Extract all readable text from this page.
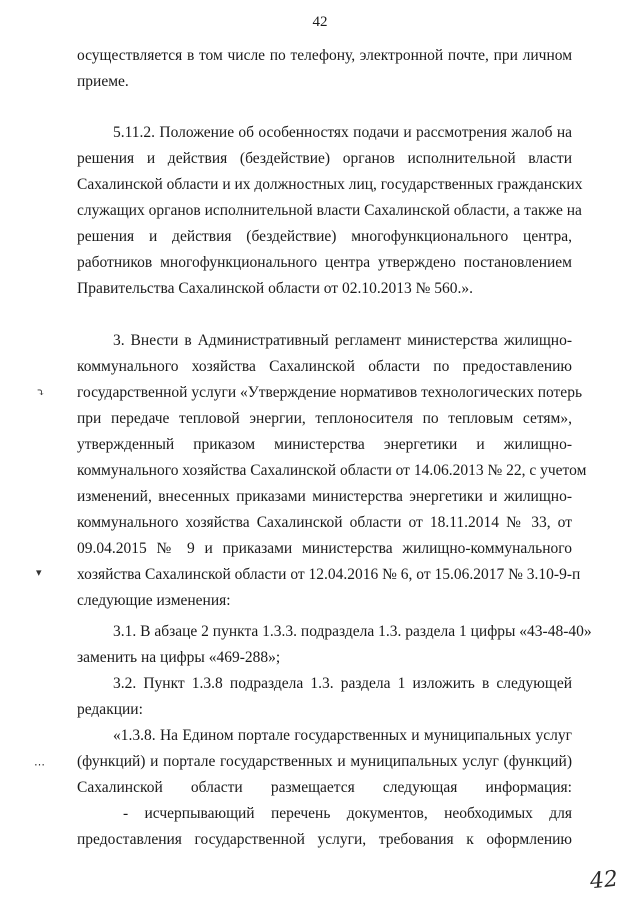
42
осуществляется в том числе по телефону, электронной почте, при личном
приеме.
5.11.2. Положение об особенностях подачи и рассмотрения жалоб на
решения и действия (бездействие) органов исполнительной власти
Сахалинской области и их должностных лиц, государственных гражданских
служащих органов исполнительной власти Сахалинской области, а также на
решения и действия (бездействие) многофункционального центра,
работников многофункционального центра утверждено постановлением
Правительства Сахалинской области от 02.10.2013 № 560.».
3. Внести в Административный регламент министерства жилищно-
коммунального хозяйства Сахалинской области по предоставлению
государственной услуги «Утверждение нормативов технологических потерь
при передаче тепловой энергии, теплоносителя по тепловым сетям»,
утвержденный приказом министерства энергетики и жилищно-
коммунального хозяйства Сахалинской области от 14.06.2013 № 22, с учетом
изменений, внесенных приказами министерства энергетики и жилищно-
коммунального хозяйства Сахалинской области от 18.11.2014 № 33, от
09.04.2015 № 9 и приказами министерства жилищно-коммунального
хозяйства Сахалинской области от 12.04.2016 № 6, от 15.06.2017 № 3.10-9-п
следующие изменения:
3.1. В абзаце 2 пункта 1.3.3. подраздела 1.3. раздела 1 цифры «43-48-40»
заменить на цифры «469-288»;
3.2. Пункт 1.3.8 подраздела 1.3. раздела 1 изложить в следующей
редакции:
«1.3.8. На Едином портале государственных и муниципальных услуг
(функций) и портале государственных и муниципальных услуг (функций)
Сахалинской области размещается следующая информация:
- исчерпывающий перечень документов, необходимых для
предоставления государственной услуги, требования к оформлению
⤵
▾
⋯
42
